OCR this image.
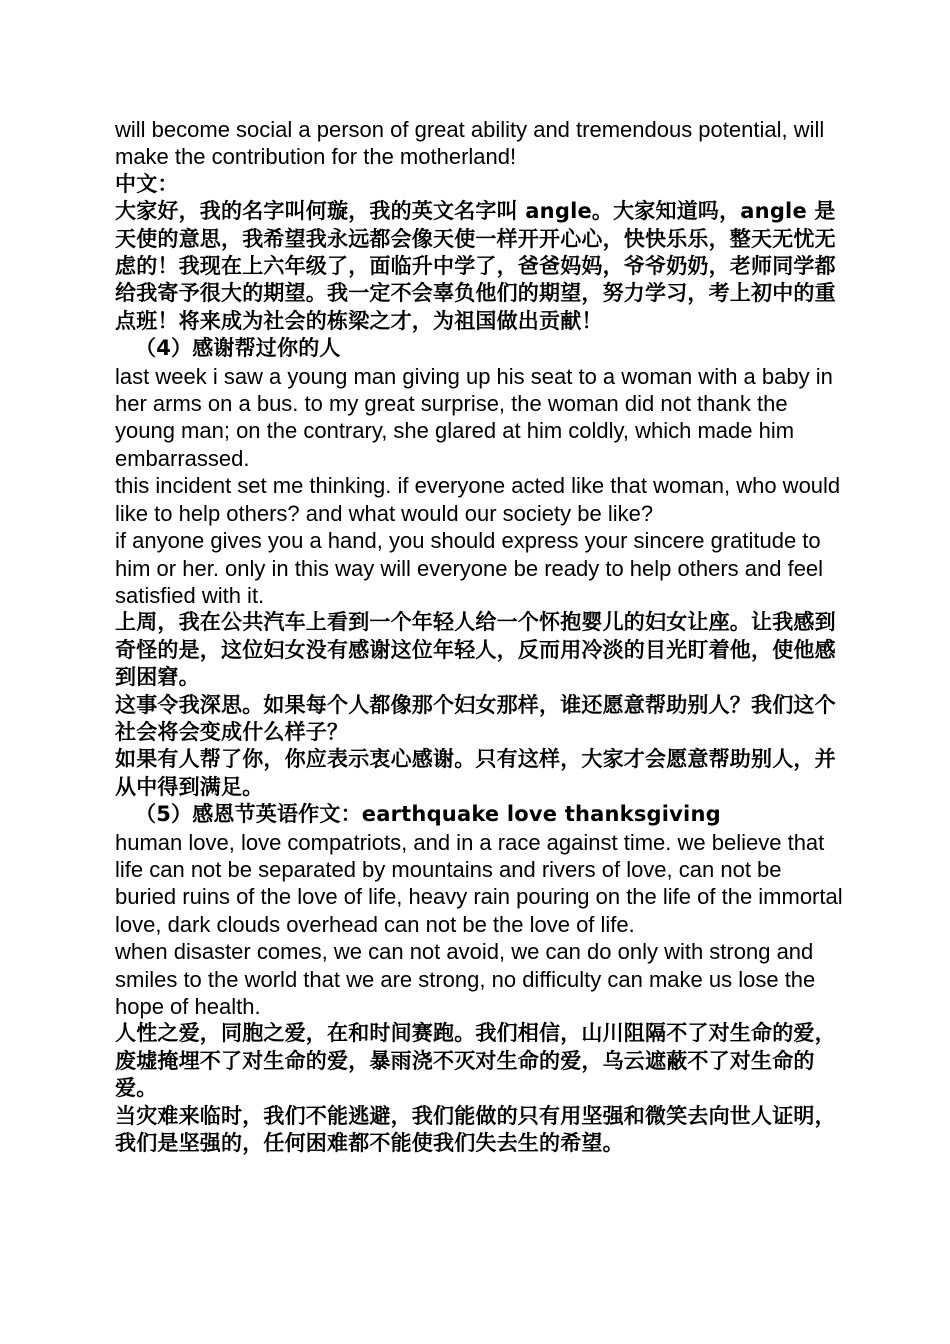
will become social a person of great ability and tremendous potential, will make the contribution for the motherland!

中文：

大家好，我的名字叫何璇，我的英文名字叫 angle。大家知道吗，angle 是天使的意思，我希望我永远都会像天使一样开开心心，快快乐乐，整天无忧无虑的！我现在上六年级了，面临升中学了，爸爸妈妈，爷爷奶奶，老师同学都给我寄予很大的期望。我一定不会辜负他们的期望，努力学习，考上初中的重点班！将来成为社会的栋梁之才，为祖国做出贡献！

（4）感谢帮过你的人

last week i saw a young man giving up his seat to a woman with a baby in her arms on a bus. to my great surprise, the woman did not thank the young man; on the contrary, she glared at him coldly, which made him embarrassed.

this incident set me thinking. if everyone acted like that woman, who would like to help others? and what would our society be like?

if anyone gives you a hand, you should express your sincere gratitude to him or her. only in this way will everyone be ready to help others and feel satisfied with it.

上周，我在公共汽车上看到一个年轻人给一个怀抱婴儿的妇女让座。让我感到奇怪的是，这位妇女没有感谢这位年轻人，反而用冷淡的目光盯着他，使他感到困窘。

这事令我深思。如果每个人都像那个妇女那样，谁还愿意帮助别人？我们这个社会将会变成什么样子？

如果有人帮了你，你应表示衷心感谢。只有这样，大家才会愿意帮助别人，并从中得到满足。

（5）感恩节英语作文：earthquake love thanksgiving

human love, love compatriots, and in a race against time. we believe that life can not be separated by mountains and rivers of love, can not be buried ruins of the love of life, heavy rain pouring on the life of the immortal love, dark clouds overhead can not be the love of life.

when disaster comes, we can not avoid, we can do only with strong and smiles to the world that we are strong, no difficulty can make us lose the hope of health.

人性之爱，同胞之爱，在和时间赛跑。我们相信，山川阻隔不了对生命的爱，废墟掩埋不了对生命的爱，暴雨浇不灭对生命的爱，乌云遮蔽不了对生命的爱。

当灾难来临时，我们不能逃避，我们能做的只有用坚强和微笑去向世人证明，我们是坚强的，任何困难都不能使我们失去生的希望。
